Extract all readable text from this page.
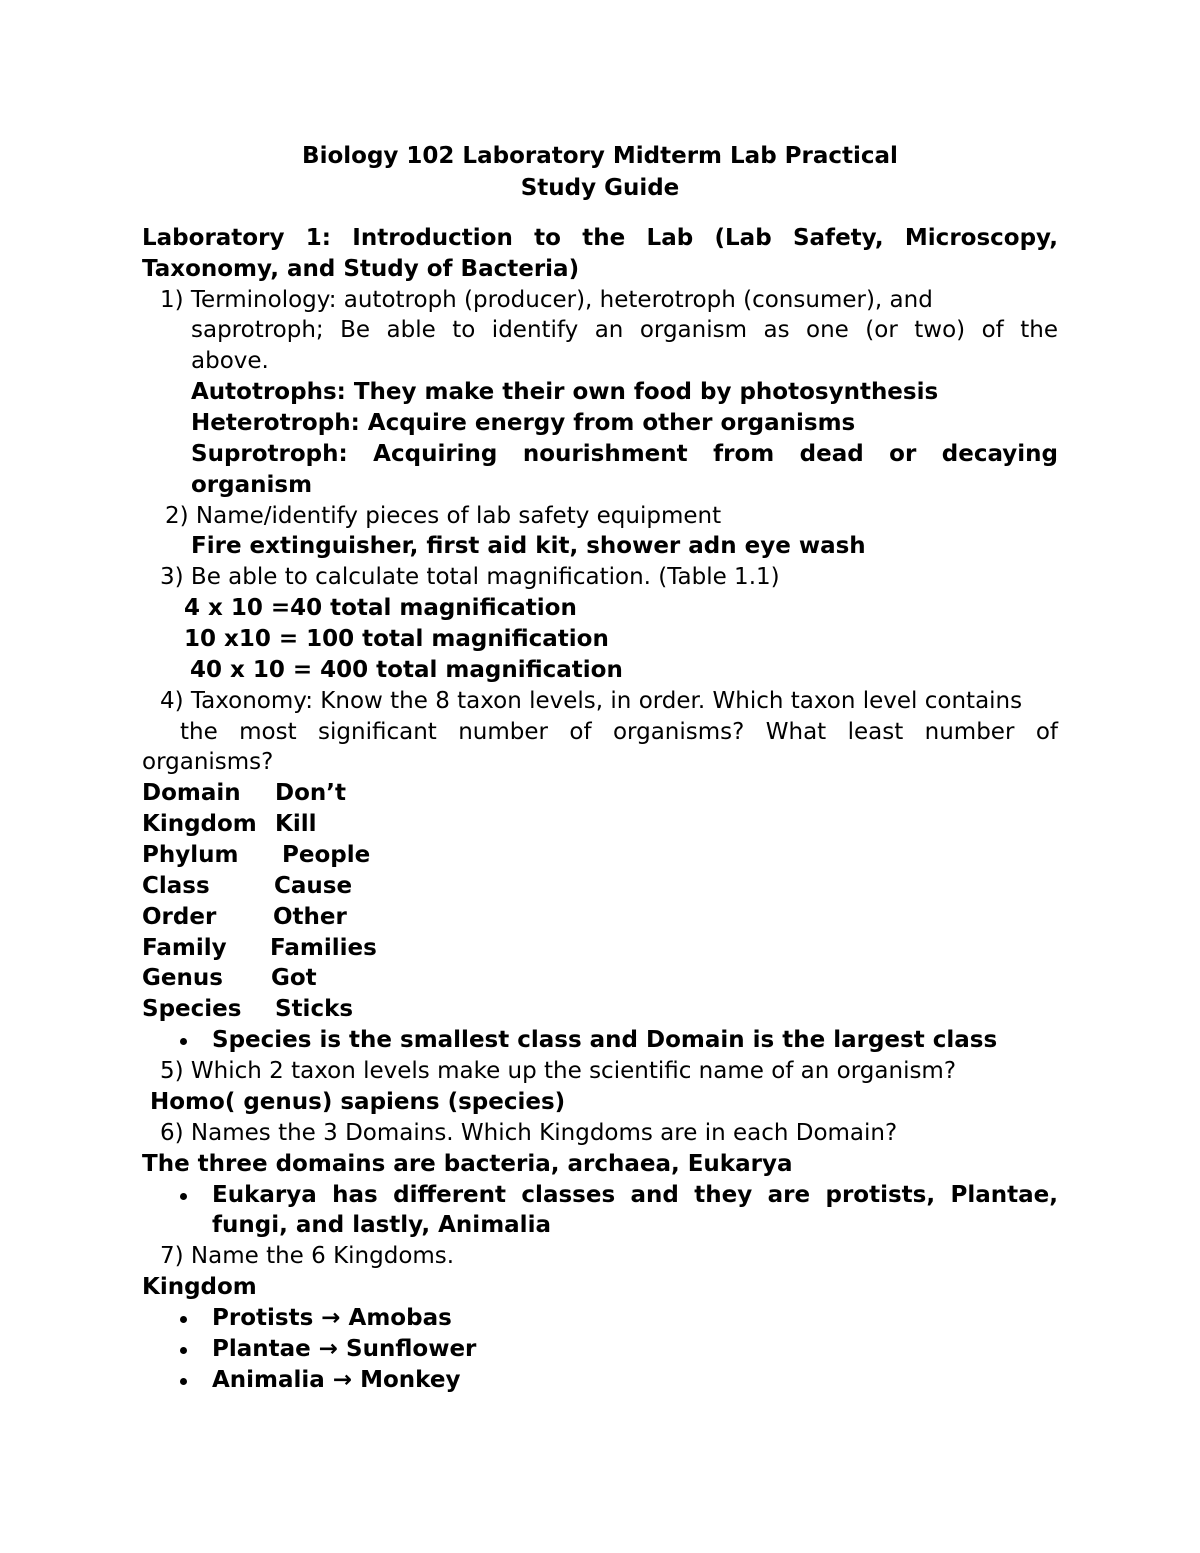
Biology 102 Laboratory Midterm Lab Practical
Study Guide
Laboratory 1: Introduction to the Lab (Lab Safety, Microscopy,
Taxonomy, and Study of Bacteria)
1) Terminology: autotroph (producer), heterotroph (consumer), and
saprotroph; Be able to identify an organism as one (or two) of the
above.
Autotrophs: They make their own food by photosynthesis
Heterotroph: Acquire energy from other organisms
Suprotroph: Acquiring nourishment from dead or decaying
organism
2) Name/identify pieces of lab safety equipment
Fire extinguisher, first aid kit, shower adn eye wash
3) Be able to calculate total magnification. (Table 1.1)
4 x 10 =40 total magnification
10 x10 = 100 total magnification
40 x 10 = 400 total magnification
4) Taxonomy: Know the 8 taxon levels, in order. Which taxon level contains
the most significant number of organisms? What least number of
organisms?
Domain Don’t
Kingdom Kill
Phylum People
Class	Cause
Order Other
Family Families
Genus Got
Species Sticks
Species is the smallest class and Domain is the largest class
5) Which 2 taxon levels make up the scientific name of an organism?
Homo( genus) sapiens (species)
6) Names the 3 Domains. Which Kingdoms are in each Domain?
The three domains are bacteria, archaea, Eukarya
Eukarya has different classes and they are protists, Plantae,
fungi, and lastly, Animalia
7) Name the 6 Kingdoms.
Kingdom
Protists → Amobas
Plantae → Sunflower
Animalia → Monkey
